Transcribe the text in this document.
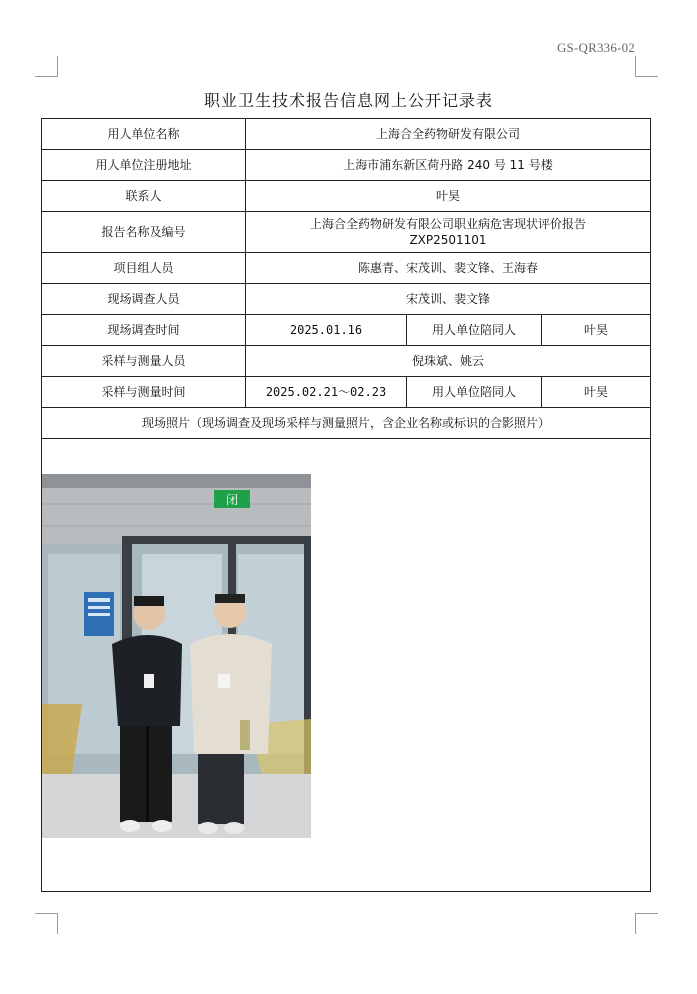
GS-QR336-02
职业卫生技术报告信息网上公开记录表
用人单位名称	上海合全药物研发有限公司		
用人单位注册地址	上海市浦东新区荷丹路 240 号 11 号楼		
联系人	叶昊		
报告名称及编号	上海合全药物研发有限公司职业病危害现状评价报告
ZXP2501101		

项目组人员	陈惠青、宋茂训、裴文锋、王海春		
现场调查人员	宋茂训、裴文锋		
现场调查时间	2025.01.16	用人单位陪同人	叶昊
采样与测量人员	倪珠斌、姚云		
采样与测量时间	2025.02.21～02.23	用人单位陪同人	叶昊
现场照片（现场调查及现场采样与测量照片，含企业名称或标识的合影照片）			

闭			
